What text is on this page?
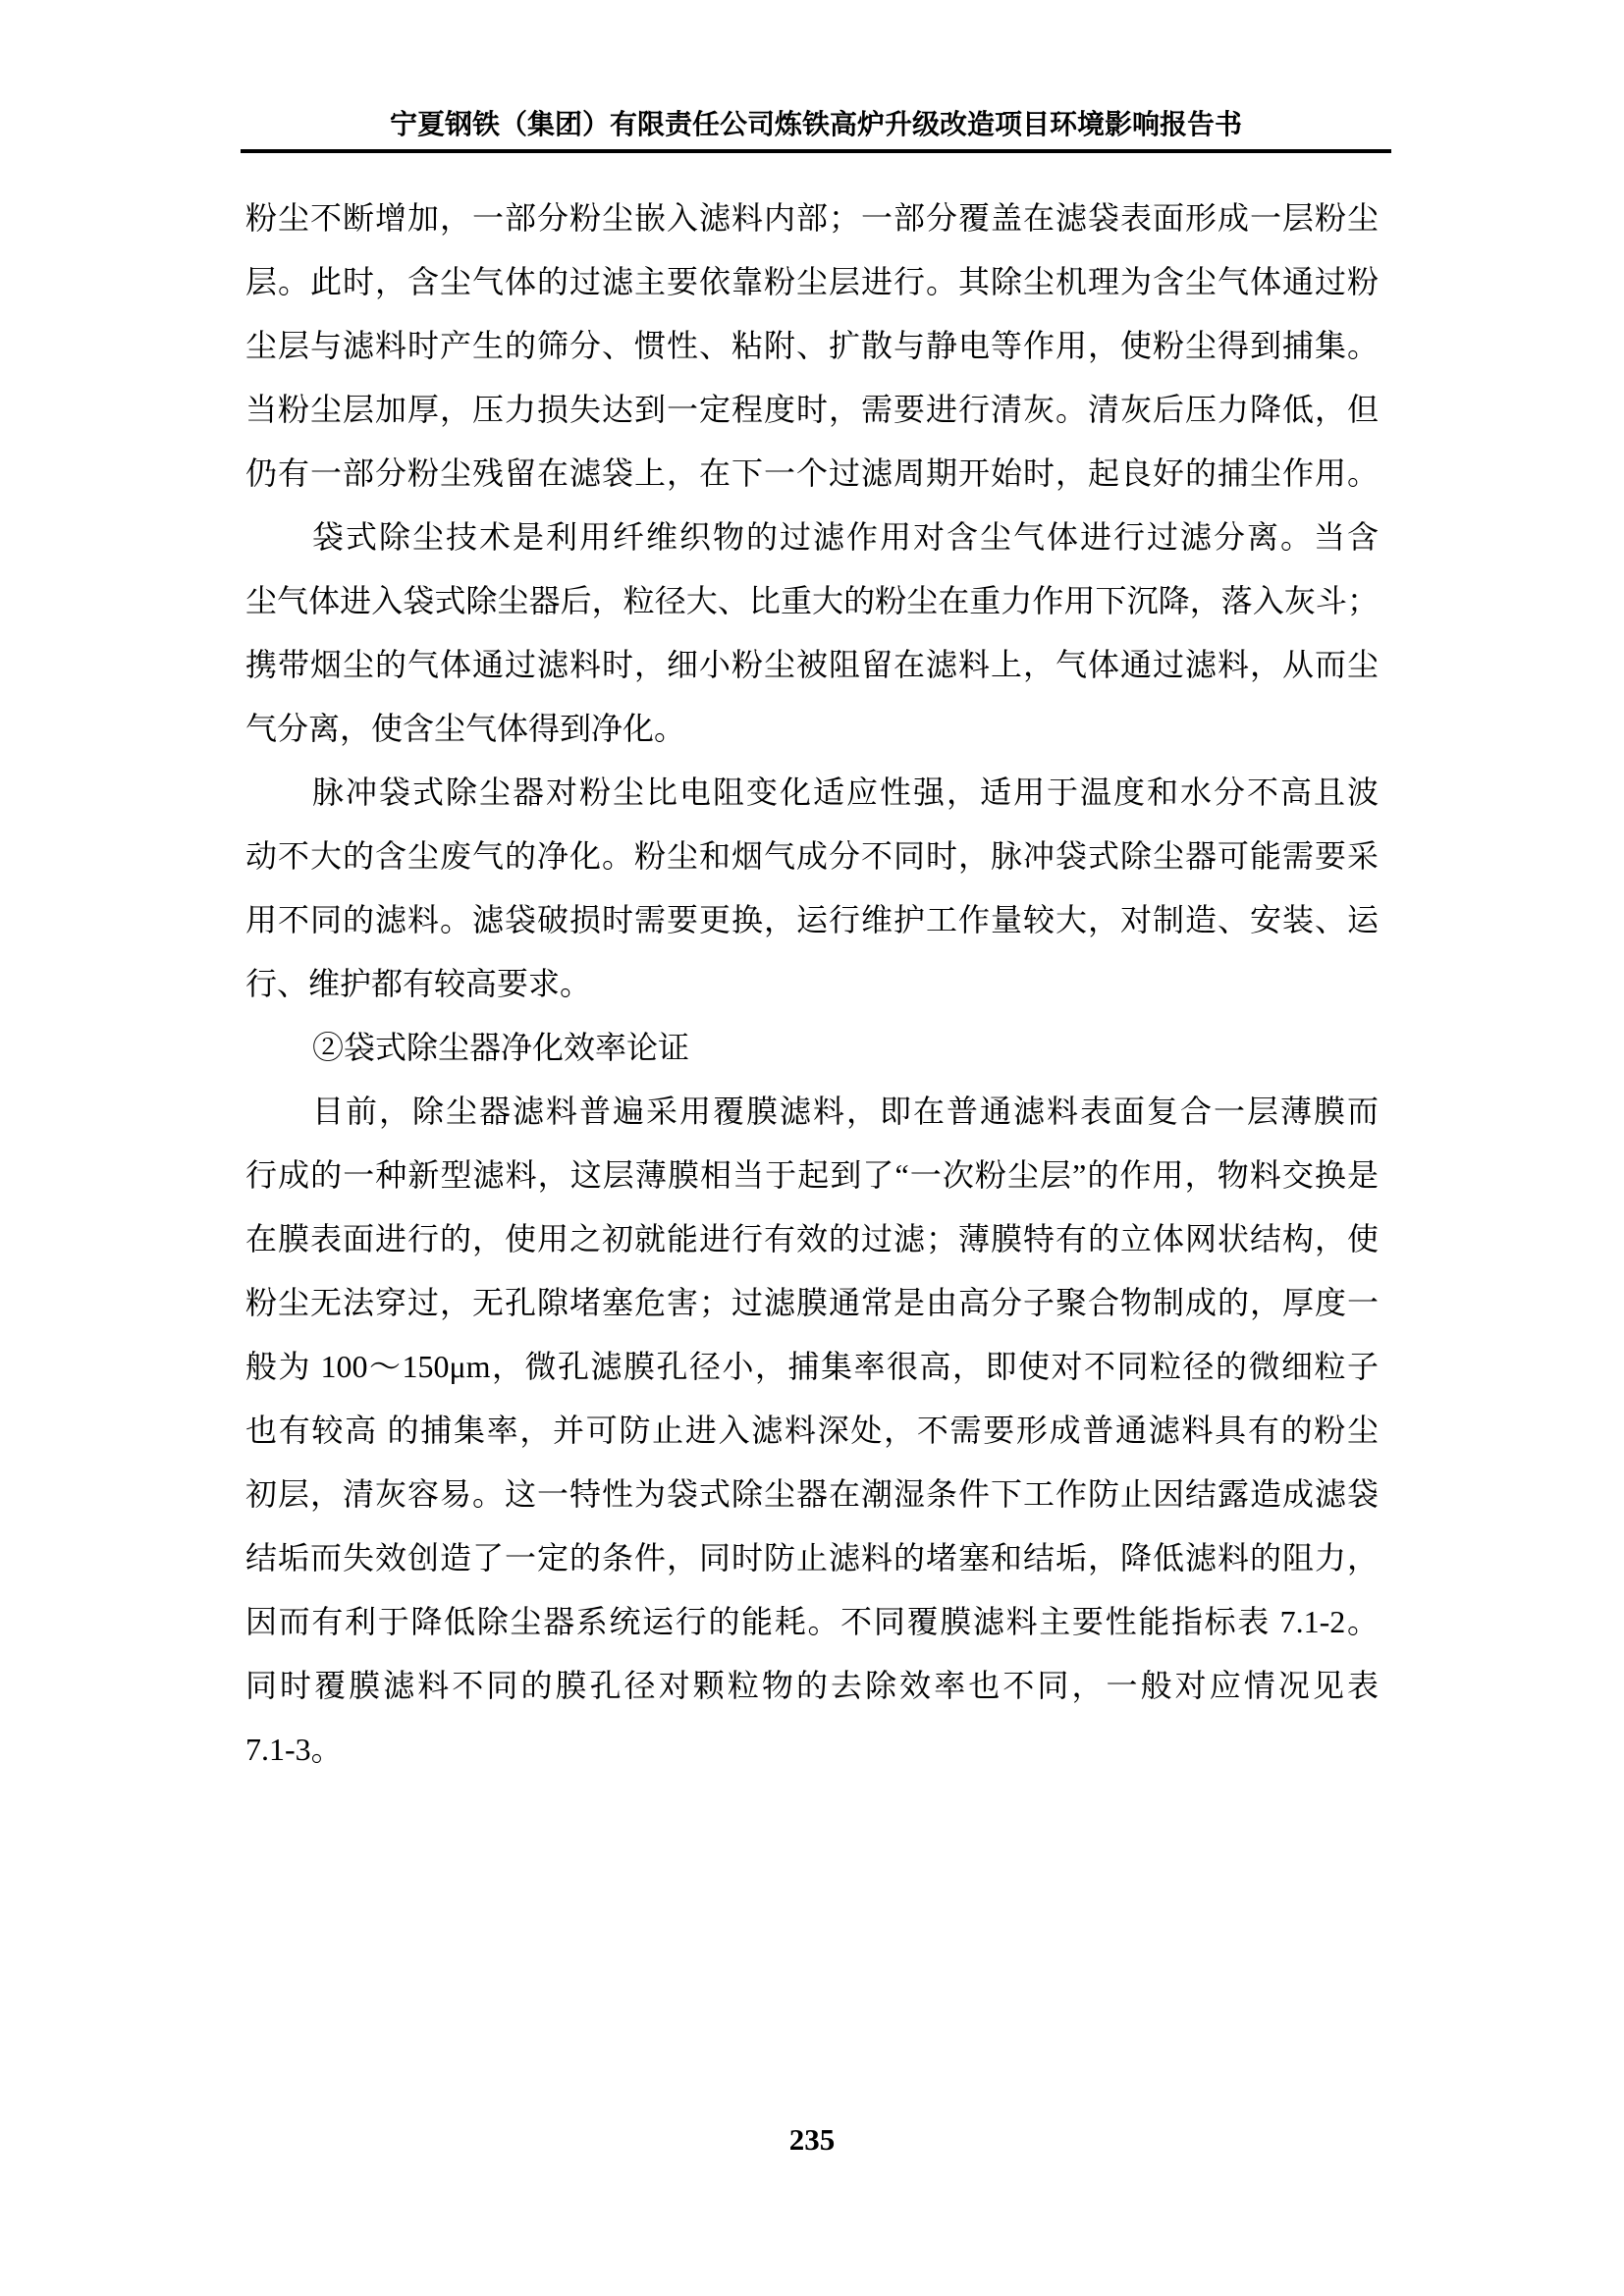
宁夏钢铁（集团）有限责任公司炼铁高炉升级改造项目环境影响报告书
粉尘不断增加，一部分粉尘嵌入滤料内部；一部分覆盖在滤袋表面形成一层粉尘
层。此时，含尘气体的过滤主要依靠粉尘层进行。其除尘机理为含尘气体通过粉
尘层与滤料时产生的筛分、惯性、粘附、扩散与静电等作用，使粉尘得到捕集。
当粉尘层加厚，压力损失达到一定程度时，需要进行清灰。清灰后压力降低，但
仍有一部分粉尘残留在滤袋上，在下一个过滤周期开始时，起良好的捕尘作用。
袋式除尘技术是利用纤维织物的过滤作用对含尘气体进行过滤分离。当含
尘气体进入袋式除尘器后，粒径大、比重大的粉尘在重力作用下沉降，落入灰斗；
携带烟尘的气体通过滤料时，细小粉尘被阻留在滤料上，气体通过滤料，从而尘
气分离，使含尘气体得到净化。
脉冲袋式除尘器对粉尘比电阻变化适应性强，适用于温度和水分不高且波
动不大的含尘废气的净化。粉尘和烟气成分不同时，脉冲袋式除尘器可能需要采
用不同的滤料。滤袋破损时需要更换，运行维护工作量较大，对制造、安装、运
行、维护都有较高要求。
②袋式除尘器净化效率论证
目前，除尘器滤料普遍采用覆膜滤料，即在普通滤料表面复合一层薄膜而
行成的一种新型滤料，这层薄膜相当于起到了“一次粉尘层”的作用，物料交换是
在膜表面进行的，使用之初就能进行有效的过滤；薄膜特有的立体网状结构，使
粉尘无法穿过，无孔隙堵塞危害；过滤膜通常是由高分子聚合物制成的，厚度一
般为 100～150μm，微孔滤膜孔径小，捕集率很高，即使对不同粒径的微细粒子
也有较高 的捕集率，并可防止进入滤料深处，不需要形成普通滤料具有的粉尘
初层，清灰容易。这一特性为袋式除尘器在潮湿条件下工作防止因结露造成滤袋
结垢而失效创造了一定的条件，同时防止滤料的堵塞和结垢，降低滤料的阻力，
因而有利于降低除尘器系统运行的能耗。不同覆膜滤料主要性能指标表 7.1-2。
同时覆膜滤料不同的膜孔径对颗粒物的去除效率也不同，一般对应情况见表
7.1-3。
235
